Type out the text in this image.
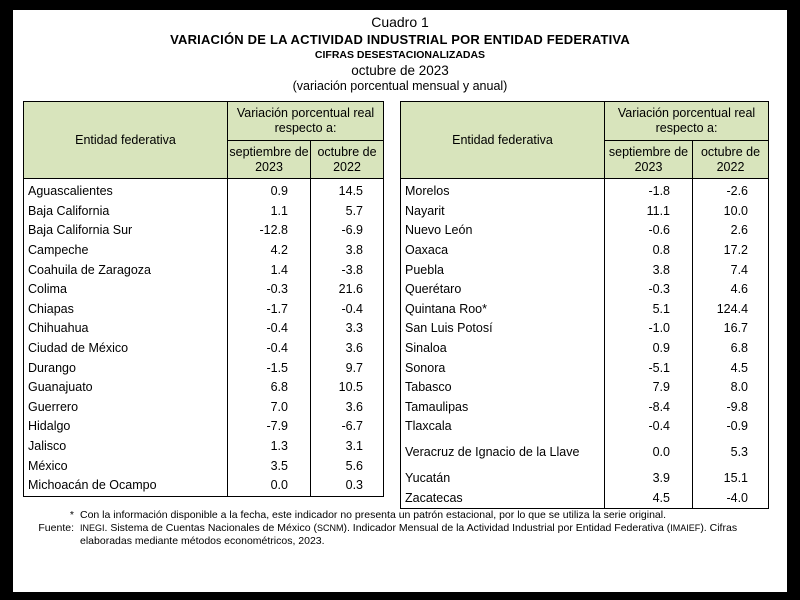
Cuadro 1
VARIACIÓN DE LA ACTIVIDAD INDUSTRIAL POR ENTIDAD FEDERATIVA
CIFRAS DESESTACIONALIZADAS
octubre de 2023
(variación porcentual mensual y anual)
Entidad federativa	Variación porcentual real respecto a:	
	septiembre de 2023	octubre de 2022
Aguascalientes	0.9	14.5
Baja California	1.1	5.7
Baja California Sur	-12.8	-6.9
Campeche	4.2	3.8
Coahuila de Zaragoza	1.4	-3.8
Colima	-0.3	21.6
Chiapas	-1.7	-0.4
Chihuahua	-0.4	3.3
Ciudad de México	-0.4	3.6
Durango	-1.5	9.7
Guanajuato	6.8	10.5
Guerrero	7.0	3.6
Hidalgo	-7.9	-6.7
Jalisco	1.3	3.1
México	3.5	5.6
Michoacán de Ocampo	0.0	0.3
Entidad federativa	Variación porcentual real respecto a:	
	septiembre de 2023	octubre de 2022
Morelos	-1.8	-2.6
Nayarit	11.1	10.0
Nuevo León	-0.6	2.6
Oaxaca	0.8	17.2
Puebla	3.8	7.4
Querétaro	-0.3	4.6
Quintana Roo*	5.1	124.4
San Luis Potosí	-1.0	16.7
Sinaloa	0.9	6.8
Sonora	-5.1	4.5
Tabasco	7.9	8.0
Tamaulipas	-8.4	-9.8
Tlaxcala	-0.4	-0.9
Veracruz de Ignacio de la Llave	0.0	5.3
Yucatán	3.9	15.1
Zacatecas	4.5	-4.0
* Con la información disponible a la fecha, este indicador no presenta un patrón estacional, por lo que se utiliza la serie original.
Fuente: INEGI. Sistema de Cuentas Nacionales de México (SCNM). Indicador Mensual de la Actividad Industrial por Entidad Federativa (IMAIEF). Cifras elaboradas mediante métodos econométricos, 2023.
